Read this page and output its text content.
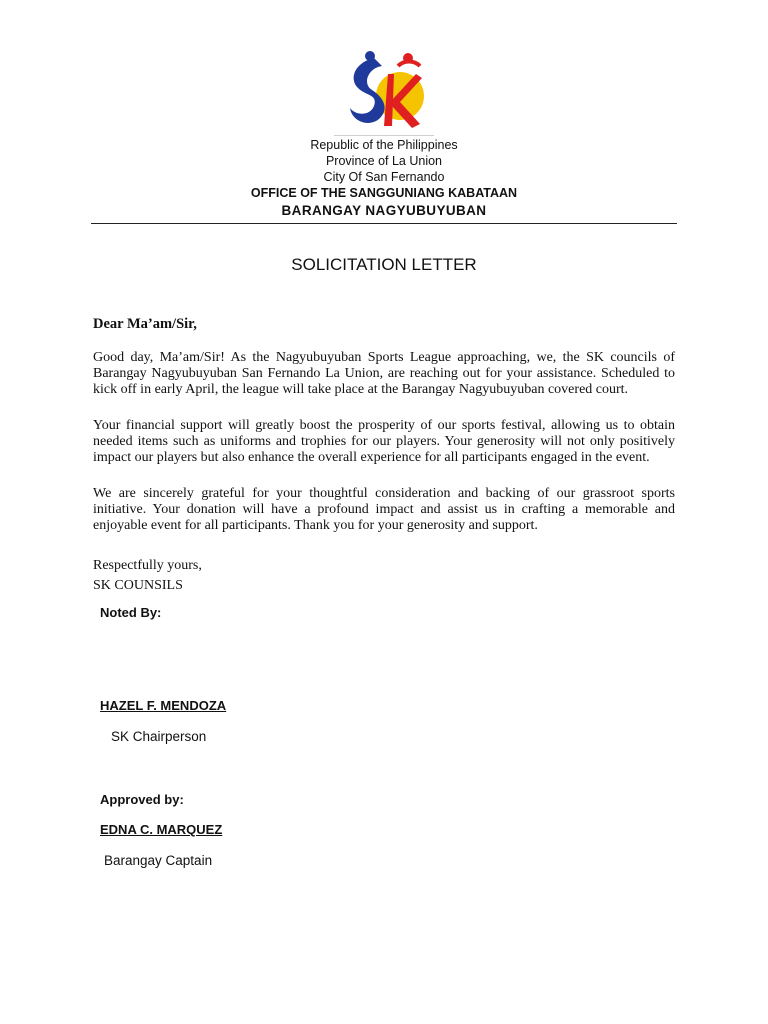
Republic of the Philippines
Province of La Union
City Of San Fernando
OFFICE OF THE SANGGUNIANG KABATAAN
BARANGAY NAGYUBUYUBAN
SOLICITATION LETTER
Dear Ma’am/Sir,
Good day, Ma’am/Sir! As the Nagyubuyuban Sports League approaching, we, the SK councils of Barangay Nagyubuyuban San Fernando La Union, are reaching out for your assistance. Scheduled to kick off in early April, the league will take place at the Barangay Nagyubuyuban covered court.
Your financial support will greatly boost the prosperity of our sports festival, allowing us to obtain needed items such as uniforms and trophies for our players. Your generosity will not only positively impact our players but also enhance the overall experience for all participants engaged in the event.
We are sincerely grateful for your thoughtful consideration and backing of our grassroot sports initiative. Your donation will have a profound impact and assist us in crafting a memorable and enjoyable event for all participants. Thank you for your generosity and support.
Respectfully yours,
SK COUNSILS
Noted By:
HAZEL F. MENDOZA
SK Chairperson
Approved by:
EDNA C. MARQUEZ
Barangay Captain
